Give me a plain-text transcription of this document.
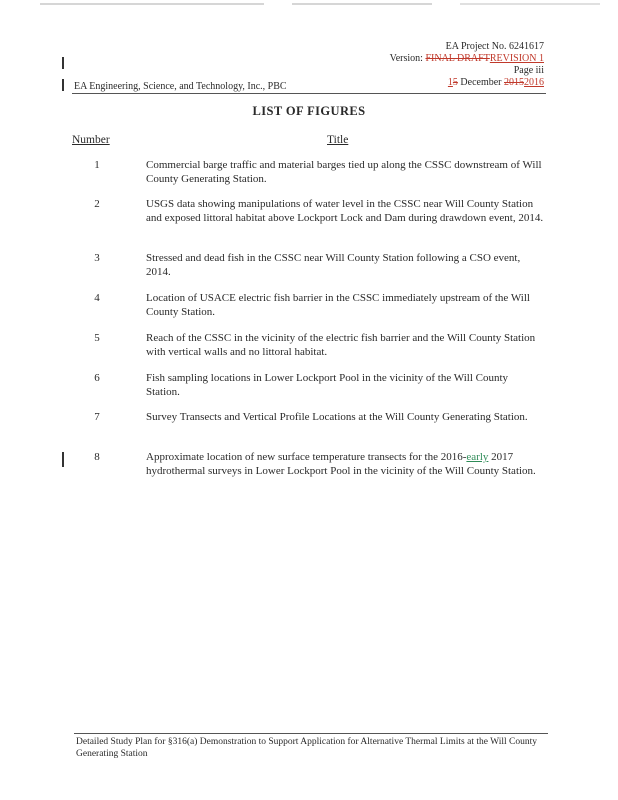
EA Project No. 6241617
Version: FINAL DRAFTREVISION 1
Page iii
15 December 20152016
EA Engineering, Science, and Technology, Inc., PBC
LIST OF FIGURES
Number	Title
1	Commercial barge traffic and material barges tied up along the CSSC downstream of Will County Generating Station.
2	USGS data showing manipulations of water level in the CSSC near Will County Station and exposed littoral habitat above Lockport Lock and Dam during drawdown event, 2014.
3	Stressed and dead fish in the CSSC near Will County Station following a CSO event, 2014.
4	Location of USACE electric fish barrier in the CSSC immediately upstream of the Will County Station.
5	Reach of the CSSC in the vicinity of the electric fish barrier and the Will County Station with vertical walls and no littoral habitat.
6	Fish sampling locations in Lower Lockport Pool in the vicinity of the Will County Station.
7	Survey Transects and Vertical Profile Locations at the Will County Generating Station.
8	Approximate location of new surface temperature transects for the 2016-early 2017 hydrothermal surveys in Lower Lockport Pool in the vicinity of the Will County Station.
Detailed Study Plan for §316(a) Demonstration to Support Application for Alternative Thermal Limits at the Will County Generating Station
